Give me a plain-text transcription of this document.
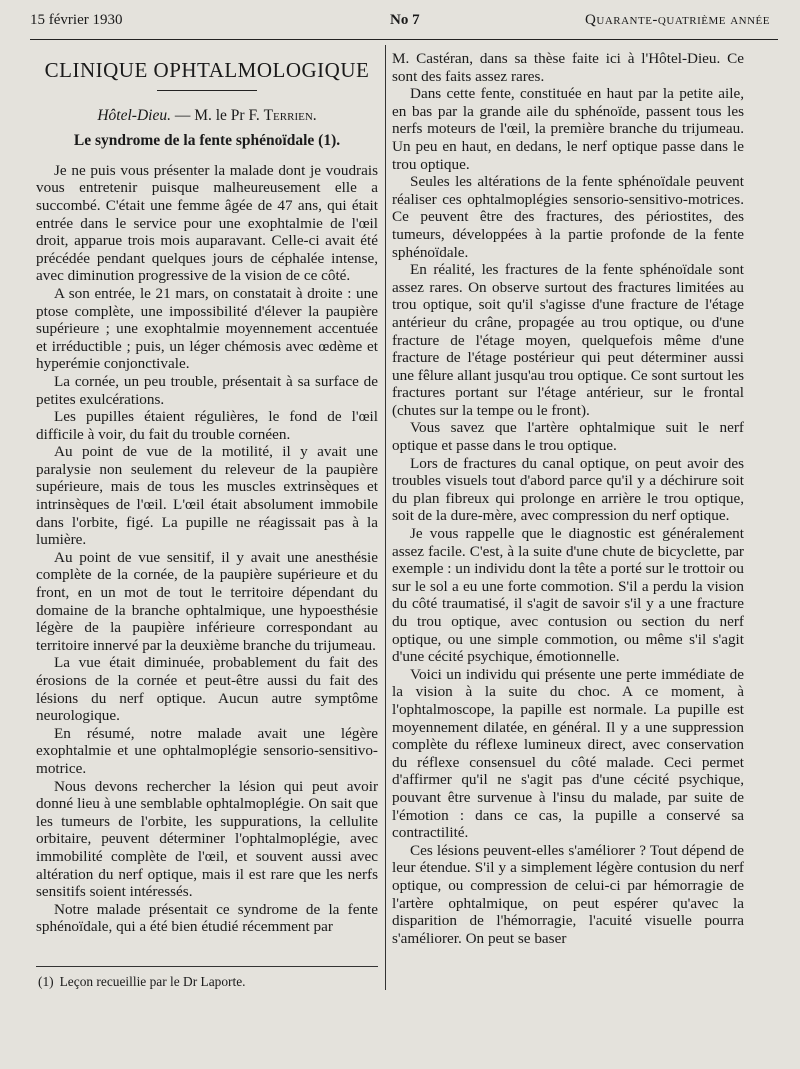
15 février 1930	No 7	Quarante-quatrième année
CLINIQUE OPHTALMOLOGIQUE
Hôtel-Dieu. — M. le Pr F. Terrien.
Le syndrome de la fente sphénoïdale (1).

Je ne puis vous présenter la malade dont je voudrais vous entretenir puisque malheureusement elle a succombé. C'était une femme âgée de 47 ans, qui était entrée dans le service pour une exophtalmie de l'œil droit, apparue trois mois auparavant. Celle-ci avait été précédée pendant quelques jours de céphalée intense, avec diminution progressive de la vision de ce côté.

A son entrée, le 21 mars, on constatait à droite : une ptose complète, une impossibilité d'élever la paupière supérieure ; une exophtalmie moyennement accentuée et irréductible ; puis, un léger chémosis avec œdème et hyperémie conjonctivale.

La cornée, un peu trouble, présentait à sa surface de petites exulcérations.

Les pupilles étaient régulières, le fond de l'œil difficile à voir, du fait du trouble cornéen.

Au point de vue de la motilité, il y avait une paralysie non seulement du releveur de la paupière supérieure, mais de tous les muscles extrinsèques et intrinsèques de l'œil. L'œil était absolument immobile dans l'orbite, figé. La pupille ne réagissait pas à la lumière.

Au point de vue sensitif, il y avait une anesthésie complète de la cornée, de la paupière supérieure et du front, en un mot de tout le territoire dépendant du domaine de la branche ophtalmique, une hypoesthésie légère de la paupière inférieure correspondant au territoire innervé par la deuxième branche du trijumeau.

La vue était diminuée, probablement du fait des érosions de la cornée et peut-être aussi du fait des lésions du nerf optique. Aucun autre symptôme neurologique.

En résumé, notre malade avait une légère exophtalmie et une ophtalmoplégie sensorio-sensitivo-motrice.

Nous devons rechercher la lésion qui peut avoir donné lieu à une semblable ophtalmoplégie. On sait que les tumeurs de l'orbite, les suppurations, la cellulite orbitaire, peuvent déterminer l'ophtalmoplégie, avec immobilité complète de l'œil, et souvent aussi avec altération du nerf optique, mais il est rare que les nerfs sensitifs soient intéressés.

Notre malade présentait ce syndrome de la fente sphénoïdale, qui a été bien étudié récemment par

M. Castéran, dans sa thèse faite ici à l'Hôtel-Dieu. Ce sont des faits assez rares.

Dans cette fente, constituée en haut par la petite aile, en bas par la grande aile du sphénoïde, passent tous les nerfs moteurs de l'œil, la première branche du trijumeau. Un peu en haut, en dedans, le nerf optique passe dans le trou optique.

Seules les altérations de la fente sphénoïdale peuvent réaliser ces ophtalmoplégies sensorio-sensitivo-motrices. Ce peuvent être des fractures, des périostites, des tumeurs, développées à la partie profonde de la fente sphénoïdale.

En réalité, les fractures de la fente sphénoïdale sont assez rares. On observe surtout des fractures limitées au trou optique, soit qu'il s'agisse d'une fracture de l'étage antérieur du crâne, propagée au trou optique, ou d'une fracture de l'étage moyen, quelquefois même d'une fracture de l'étage postérieur qui peut déterminer aussi une fêlure allant jusqu'au trou optique. Ce sont surtout les fractures portant sur l'étage antérieur, sur le frontal (chutes sur la tempe ou le front).

Vous savez que l'artère ophtalmique suit le nerf optique et passe dans le trou optique.

Lors de fractures du canal optique, on peut avoir des troubles visuels tout d'abord parce qu'il y a déchirure soit du plan fibreux qui prolonge en arrière le trou optique, soit de la dure-mère, avec compression du nerf optique.

Je vous rappelle que le diagnostic est généralement assez facile. C'est, à la suite d'une chute de bicyclette, par exemple : un individu dont la tête a porté sur le trottoir ou sur le sol a eu une forte commotion. S'il a perdu la vision du côté traumatisé, il s'agit de savoir s'il y a une fracture du trou optique, avec contusion ou section du nerf optique, ou une simple commotion, ou même s'il s'agit d'une cécité psychique, émotionnelle.

Voici un individu qui présente une perte immédiate de la vision à la suite du choc. A ce moment, à l'ophtalmoscope, la papille est normale. La pupille est moyennement dilatée, en général. Il y a une suppression complète du réflexe lumineux direct, avec conservation du réflexe consensuel du côté malade. Ceci permet d'affirmer qu'il ne s'agit pas d'une cécité psychique, pouvant être survenue à l'insu du malade, par suite de l'émotion : dans ce cas, la pupille a conservé sa contractilité.

Ces lésions peuvent-elles s'améliorer ? Tout dépend de leur étendue. S'il y a simplement légère contusion du nerf optique, ou compression de celui-ci par hémorragie de l'artère ophtalmique, on peut espérer qu'avec la disparition de l'hémorragie, l'acuité visuelle pourra s'améliorer. On peut se baser

(1) Leçon recueillie par le Dr Laporte.
